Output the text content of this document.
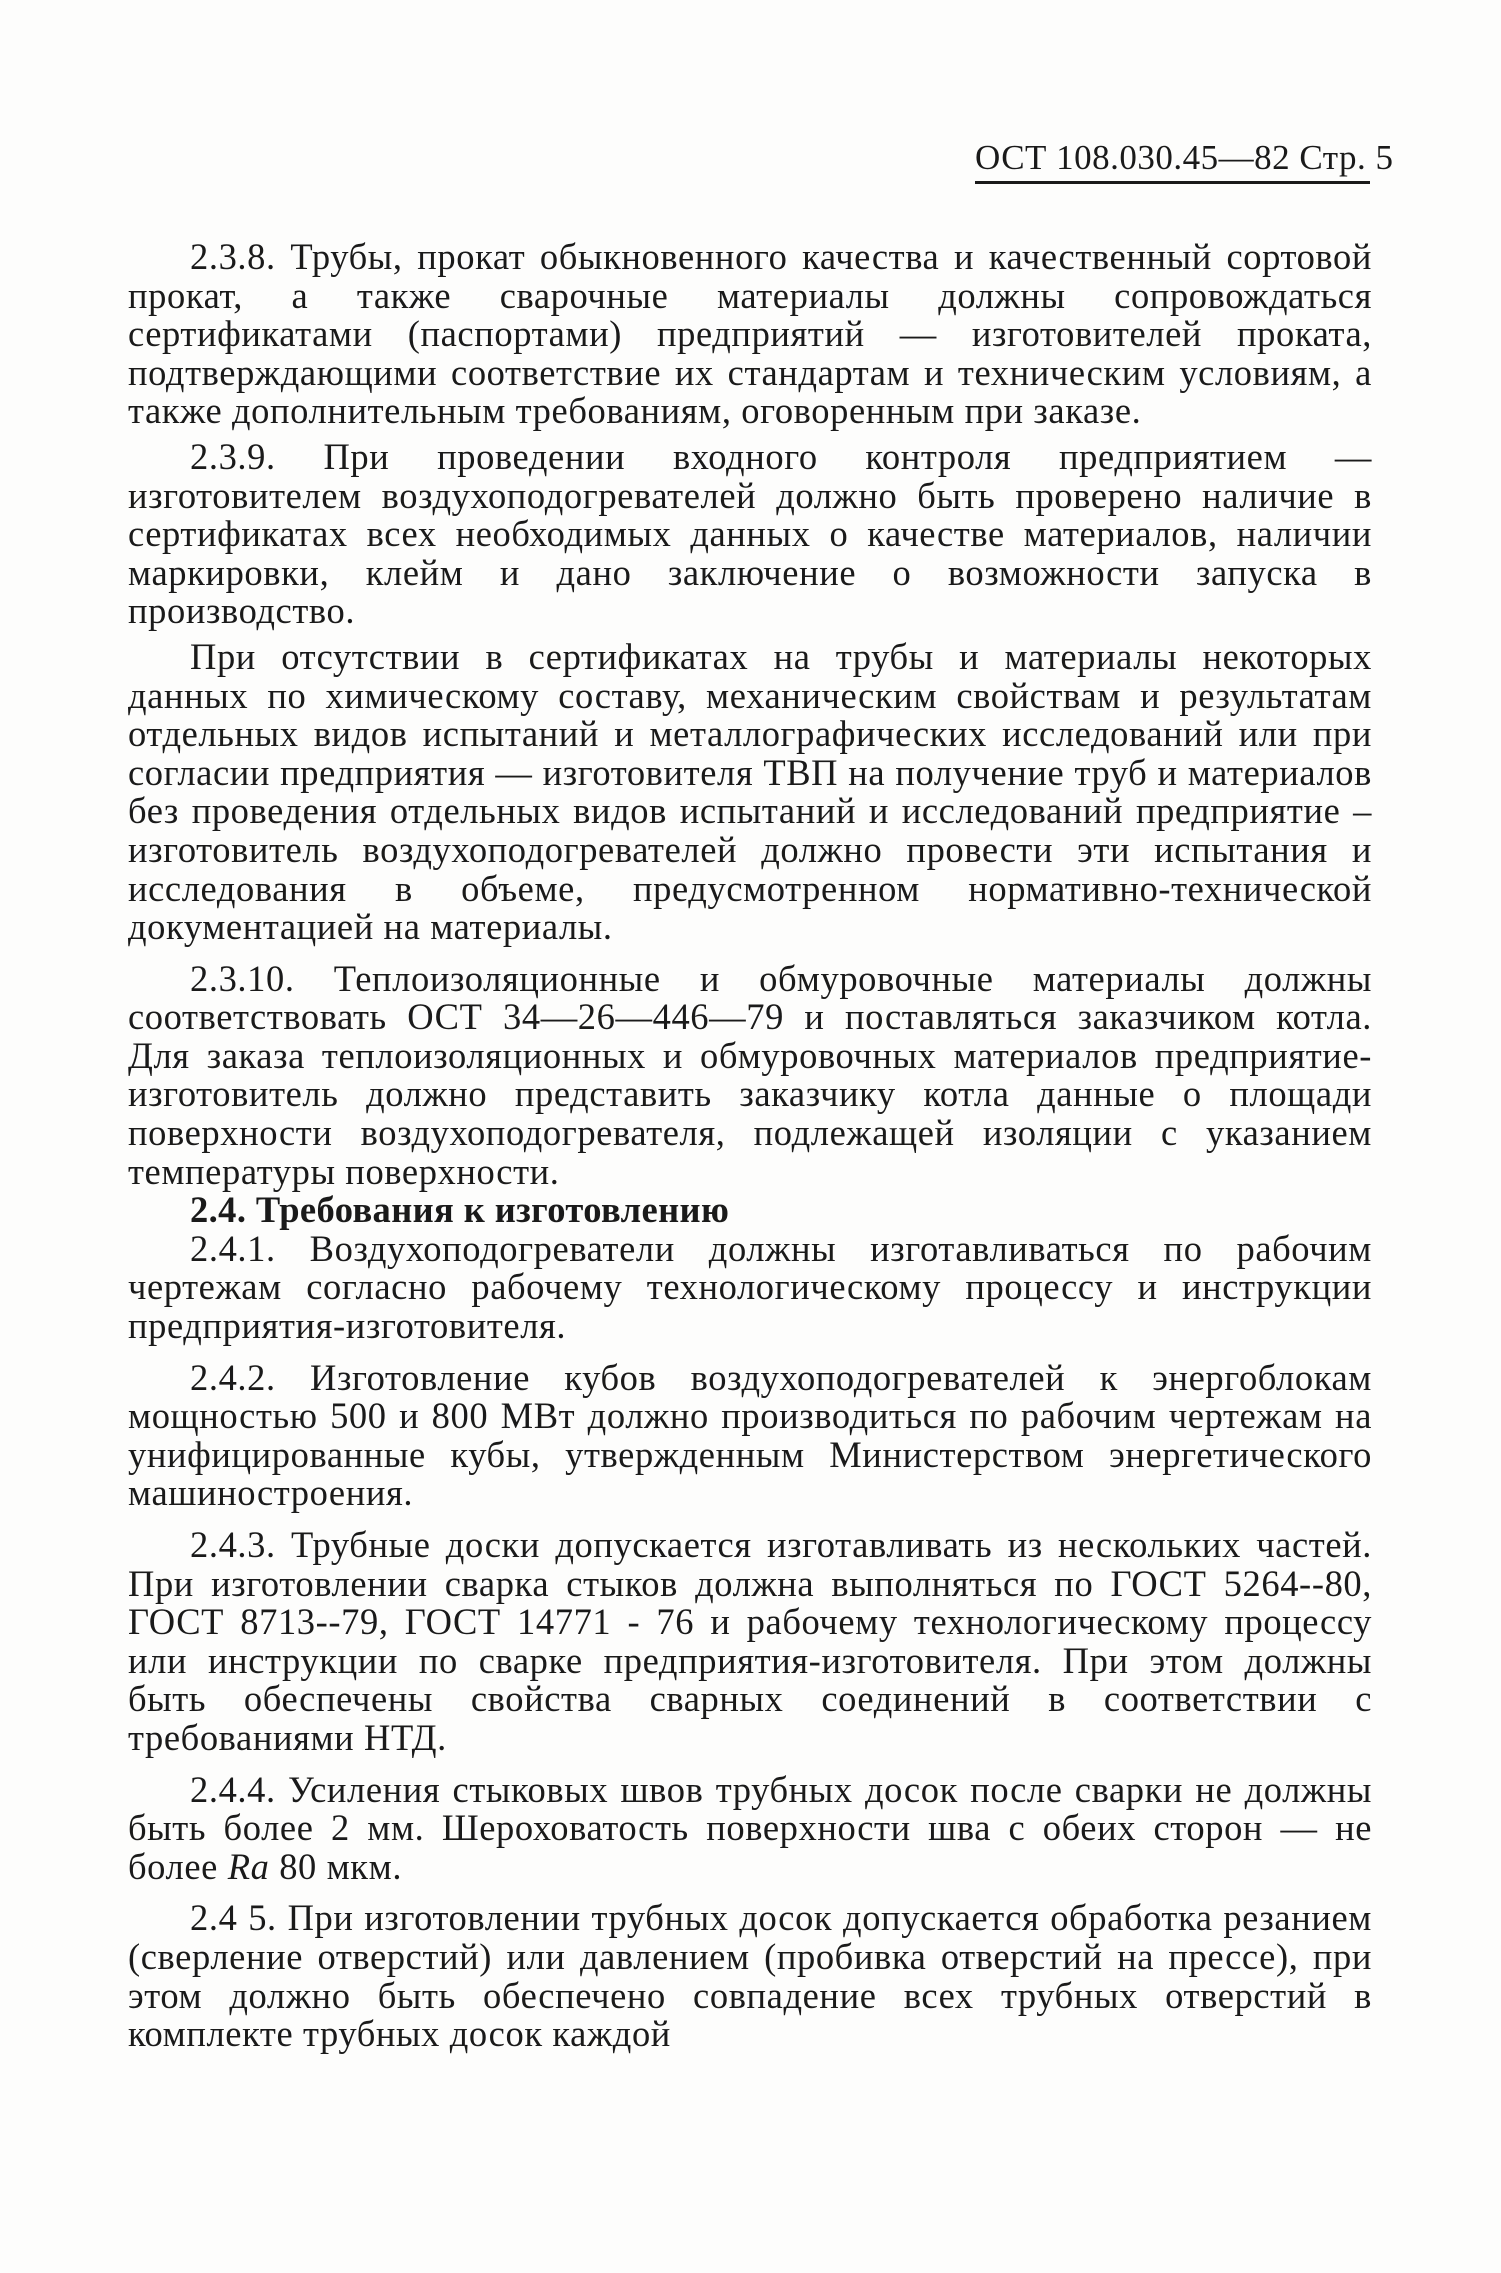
ОСТ 108.030.45—82 Стр. 5

2.3.8. Трубы, прокат обыкновенного качества и качественный сортовой прокат, а также сварочные материалы должны сопровождаться сертификатами (паспортами) предприятий — изготовителей проката, подтверждающими соответствие их стандартам и техническим условиям, а также дополнительным требованиям, оговоренным при заказе.

2.3.9. При проведении входного контроля предприятием — изготовителем воздухоподогревателей должно быть проверено наличие в сертификатах всех необходимых данных о качестве материалов, наличии маркировки, клейм и дано заключение о возможности запуска в производство.

При отсутствии в сертификатах на трубы и материалы некоторых данных по химическому составу, механическим свойствам и результатам отдельных видов испытаний и металлографических исследований или при согласии предприятия — изготовителя ТВП на получение труб и материалов без проведения отдельных видов испытаний и исследований предприятие – изготовитель воздухоподогревателей должно провести эти испытания и исследования в объеме, предусмотренном нормативно-технической документацией на материалы.

2.3.10. Теплоизоляционные и обмуровочные материалы должны соответствовать ОСТ 34—26—446—79 и поставляться заказчиком котла. Для заказа теплоизоляционных и обмуровочных материалов предприятие-изготовитель должно представить заказчику котла данные о площади поверхности воздухоподогревателя, подлежащей изоляции с указанием температуры поверхности.

2.4. Требования к изготовлению

2.4.1. Воздухоподогреватели должны изготавливаться по рабочим чертежам согласно рабочему технологическому процессу и инструкции предприятия-изготовителя.

2.4.2. Изготовление кубов воздухоподогревателей к энергоблокам мощностью 500 и 800 МВт должно производиться по рабочим чертежам на унифицированные кубы, утвержденным Министерством энергетического машиностроения.

2.4.3. Трубные доски допускается изготавливать из нескольких частей. При изготовлении сварка стыков должна выполняться по ГОСТ 5264--80, ГОСТ 8713--79, ГОСТ 14771 - 76 и рабочему технологическому процессу или инструкции по сварке предприятия-изготовителя. При этом должны быть обеспечены свойства сварных соединений в соответствии с требованиями НТД.

2.4.4. Усиления стыковых швов трубных досок после сварки не должны быть более 2 мм. Шероховатость поверхности шва с обеих сторон — не более Ra 80 мкм.

2.4 5. При изготовлении трубных досок допускается обработка резанием (сверление отверстий) или давлением (пробивка отверстий на прессе), при этом должно быть обеспечено совпадение всех трубных отверстий в комплекте трубных досок каждой
